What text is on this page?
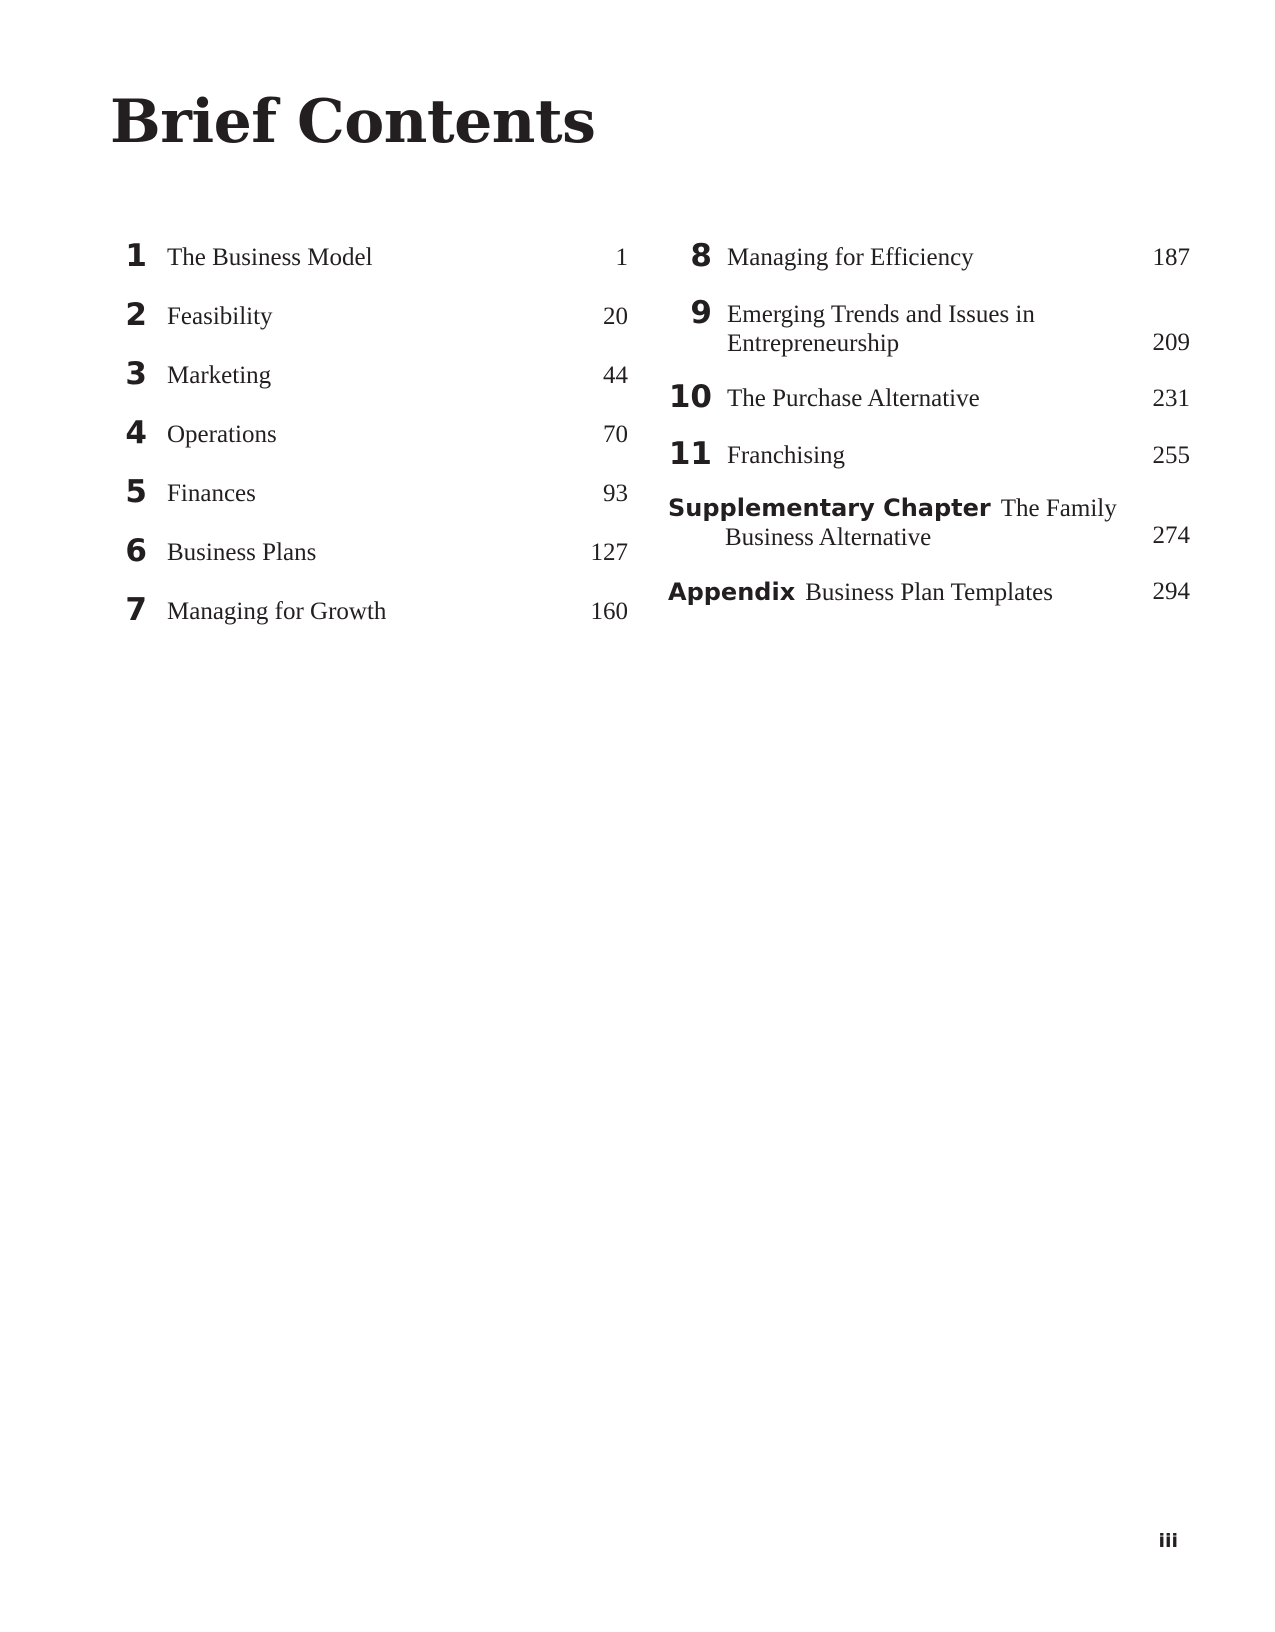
Brief Contents
1 The Business Model	1
2 Feasibility	20
3 Marketing	44
4 Operations	70
5 Finances	93
6 Business Plans	127
7 Managing for Growth	160
8 Managing for Efficiency	187
9 Emerging Trends and Issues in
Entrepreneurship	209
10 The Purchase Alternative	231
11 Franchising	255
Supplementary Chapter The Family
Business Alternative	274
Appendix Business Plan Templates	294
iii
